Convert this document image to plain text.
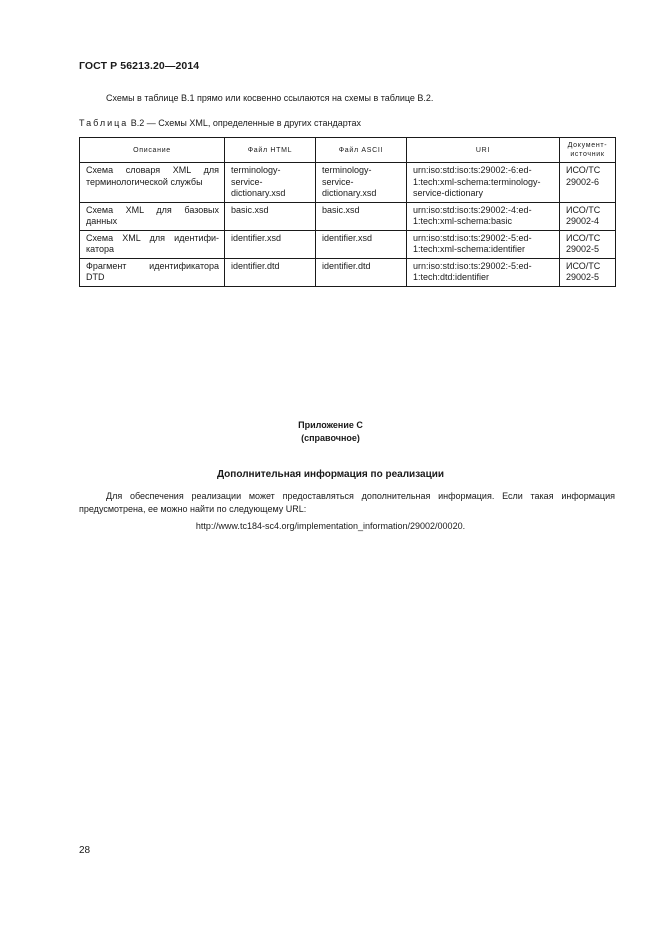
ГОСТ Р 56213.20—2014
Схемы в таблице В.1 прямо или косвенно ссылаются на схемы в таблице В.2.
Таблица В.2 — Схемы XML, определенные в других стандартах
Описание	Файл HTML	Файл ASCII	URI	Документ-
источник
Схема словаря XML для терминологической службы	terminology-service-dictionary.xsd	terminology-service-dictionary.xsd	urn:iso:std:iso:ts:29002:-6:ed-1:tech:xml-schema:terminology-service-dictionary	ИСО/ТС 29002-6
Схема XML для базовых данных	basic.xsd	basic.xsd	urn:iso:std:iso:ts:29002:-4:ed-1:tech:xml-schema:basic	ИСО/ТС 29002-4
Схема XML для идентифи-катора	identifier.xsd	identifier.xsd	urn:iso:std:iso:ts:29002:-5:ed-1:tech:xml-schema:identifier	ИСО/ТС 29002-5
Фрагмент идентификатора DTD	identifier.dtd	identifier.dtd	urn:iso:std:iso:ts:29002:-5:ed-1:tech:dtd:identifier	ИСО/ТС 29002-5
Приложение С
(справочное)
Дополнительная информация по реализации
Для обеспечения реализации может предоставляться дополнительная информация. Если такая информация предусмотрена, ее можно найти по следующему URL:
http://www.tc184-sc4.org/implementation_information/29002/00020.
28
